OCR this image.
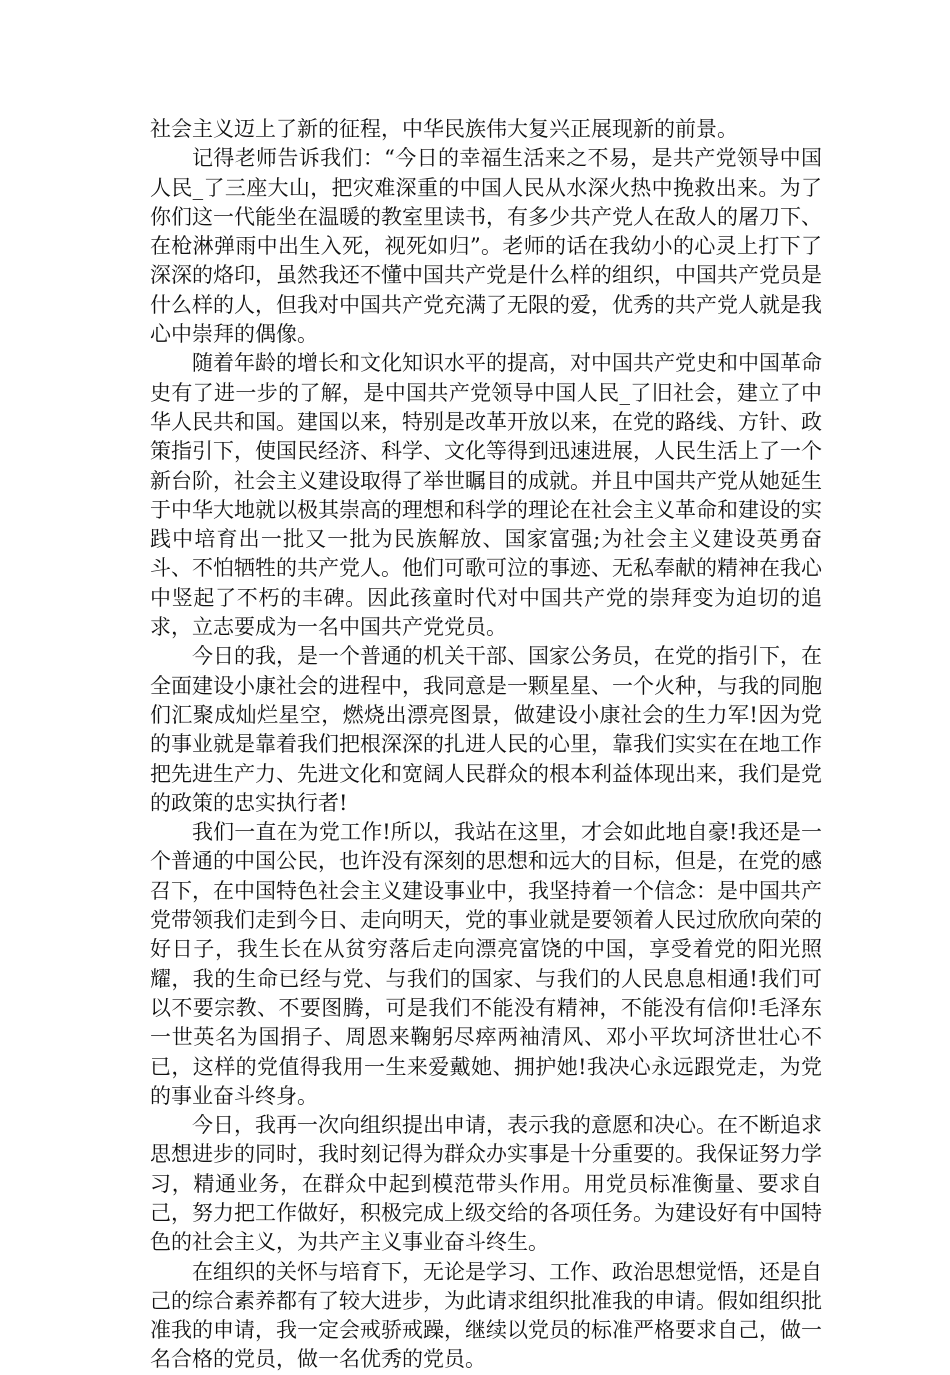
社会主义迈上了新的征程，中华民族伟大复兴正展现新的前景。

记得老师告诉我们：“今日的幸福生活来之不易，是共产党领导中国人民_了三座大山，把灾难深重的中国人民从水深火热中挽救出来。为了你们这一代能坐在温暖的教室里读书，有多少共产党人在敌人的屠刀下、在枪淋弹雨中出生入死，视死如归”。老师的话在我幼小的心灵上打下了深深的烙印，虽然我还不懂中国共产党是什么样的组织，中国共产党员是什么样的人，但我对中国共产党充满了无限的爱，优秀的共产党人就是我心中崇拜的偶像。

随着年龄的增长和文化知识水平的提高，对中国共产党史和中国革命史有了进一步的了解，是中国共产党领导中国人民_了旧社会，建立了中华人民共和国。建国以来，特别是改革开放以来，在党的路线、方针、政策指引下，使国民经济、科学、文化等得到迅速进展，人民生活上了一个新台阶，社会主义建设取得了举世瞩目的成就。并且中国共产党从她延生于中华大地就以极其崇高的理想和科学的理论在社会主义革命和建设的实践中培育出一批又一批为民族解放、国家富强;为社会主义建设英勇奋斗、不怕牺牲的共产党人。他们可歌可泣的事迹、无私奉献的精神在我心中竖起了不朽的丰碑。因此孩童时代对中国共产党的崇拜变为迫切的追求，立志要成为一名中国共产党党员。

今日的我，是一个普通的机关干部、国家公务员，在党的指引下，在全面建设小康社会的进程中，我同意是一颗星星、一个火种，与我的同胞们汇聚成灿烂星空，燃烧出漂亮图景，做建设小康社会的生力军!因为党的事业就是靠着我们把根深深的扎进人民的心里，靠我们实实在在地工作把先进生产力、先进文化和宽阔人民群众的根本利益体现出来，我们是党的政策的忠实执行者!

我们一直在为党工作!所以，我站在这里，才会如此地自豪!我还是一个普通的中国公民，也许没有深刻的思想和远大的目标，但是，在党的感召下，在中国特色社会主义建设事业中，我坚持着一个信念：是中国共产党带领我们走到今日、走向明天，党的事业就是要领着人民过欣欣向荣的好日子，我生长在从贫穷落后走向漂亮富饶的中国，享受着党的阳光照耀，我的生命已经与党、与我们的国家、与我们的人民息息相通!我们可以不要宗教、不要图腾，可是我们不能没有精神，不能没有信仰!毛泽东一世英名为国捐子、周恩来鞠躬尽瘁两袖清风、邓小平坎坷济世壮心不已，这样的党值得我用一生来爱戴她、拥护她!我决心永远跟党走，为党的事业奋斗终身。

今日，我再一次向组织提出申请，表示我的意愿和决心。在不断追求思想进步的同时，我时刻记得为群众办实事是十分重要的。我保证努力学习，精通业务，在群众中起到模范带头作用。用党员标准衡量、要求自己，努力把工作做好，积极完成上级交给的各项任务。为建设好有中国特色的社会主义，为共产主义事业奋斗终生。

在组织的关怀与培育下，无论是学习、工作、政治思想觉悟，还是自己的综合素养都有了较大进步，为此请求组织批准我的申请。假如组织批准我的申请，我一定会戒骄戒躁，继续以党员的标准严格要求自己，做一名合格的党员，做一名优秀的党员。
